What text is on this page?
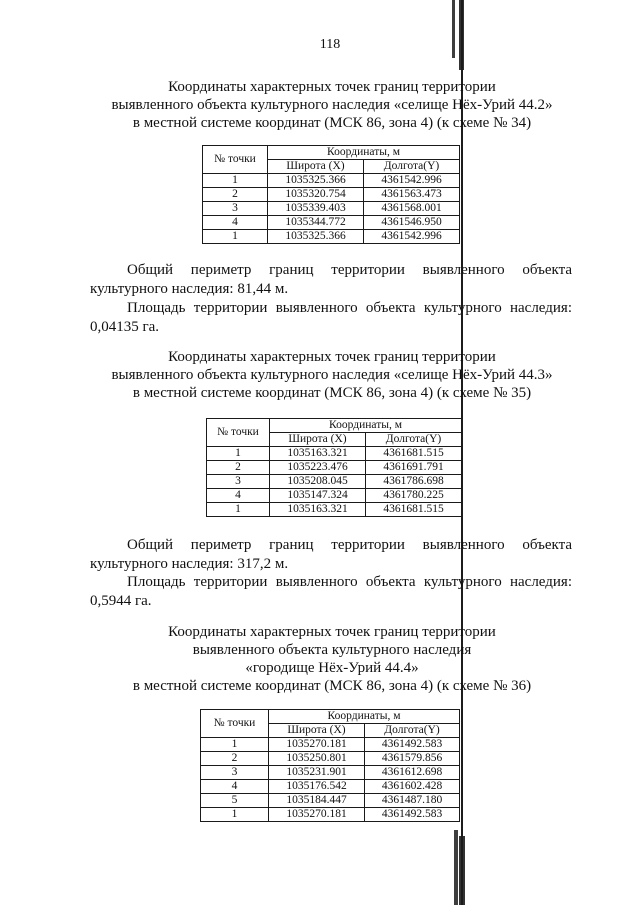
118
Координаты характерных точек границ территории
выявленного объекта культурного наследия «селище Нёх-Урий 44.2»
в местной системе координат (МСК 86, зона 4) (к схеме № 34)
№ точки	Координаты, м	
	Широта (X)	Долгота(Y)
1	1035325.366	4361542.996
2	1035320.754	4361563.473
3	1035339.403	4361568.001
4	1035344.772	4361546.950
1	1035325.366	4361542.996
Общий периметр границ территории выявленного объекта
культурного наследия: 81,44 м.
Площадь территории выявленного объекта культурного наследия:
0,04135 га.
Координаты характерных точек границ территории
выявленного объекта культурного наследия «селище Нёх-Урий 44.3»
в местной системе координат (МСК 86, зона 4) (к схеме № 35)
№ точки	Координаты, м	
	Широта (X)	Долгота(Y)
1	1035163.321	4361681.515
2	1035223.476	4361691.791
3	1035208.045	4361786.698
4	1035147.324	4361780.225
1	1035163.321	4361681.515
Общий периметр границ территории выявленного объекта
культурного наследия: 317,2 м.
Площадь территории выявленного объекта культурного наследия:
0,5944 га.
Координаты характерных точек границ территории
выявленного объекта культурного наследия
«городище Нёх-Урий 44.4»
в местной системе координат (МСК 86, зона 4) (к схеме № 36)
№ точки	Координаты, м	
	Широта (X)	Долгота(Y)
1	1035270.181	4361492.583
2	1035250.801	4361579.856
3	1035231.901	4361612.698
4	1035176.542	4361602.428
5	1035184.447	4361487.180
1	1035270.181	4361492.583
